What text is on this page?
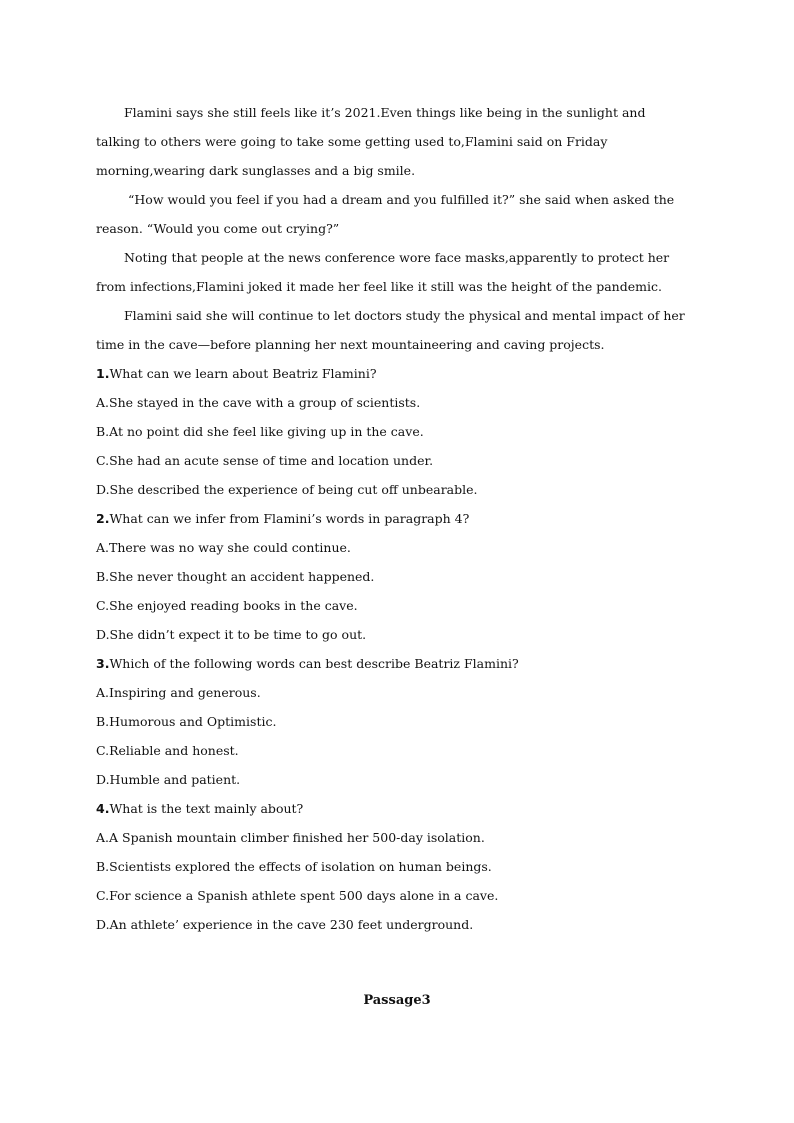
Flamini says she still feels like it’s 2021.Even things like being in the sunlight and talking to others were going to take some getting used to,Flamini said on Friday morning,wearing dark sunglasses and a big smile.

“How would you feel if you had a dream and you fulfilled it?” she said when asked the reason. “Would you come out crying?”

Noting that people at the news conference wore face masks,apparently to protect her from infections,Flamini joked it made her feel like it still was the height of the pandemic.

Flamini said she will continue to let doctors study the physical and mental impact of her time in the cave—before planning her next mountaineering and caving projects.

1.What can we learn about Beatriz Flamini?

A.She stayed in the cave with a group of scientists.

B.At no point did she feel like giving up in the cave.

C.She had an acute sense of time and location under.

D.She described the experience of being cut off unbearable.

2.What can we infer from Flamini’s words in paragraph 4?

A.There was no way she could continue.

B.She never thought an accident happened.

C.She enjoyed reading books in the cave.

D.She didn’t expect it to be time to go out.

3.Which of the following words can best describe Beatriz Flamini?

A.Inspiring and generous.

B.Humorous and Optimistic.

C.Reliable and honest.

D.Humble and patient.

4.What is the text mainly about?

A.A Spanish mountain climber finished her 500-day isolation.

B.Scientists explored the effects of isolation on human beings.

C.For science a Spanish athlete spent 500 days alone in a cave.

D.An athlete’ experience in the cave 230 feet underground.

Passage3
